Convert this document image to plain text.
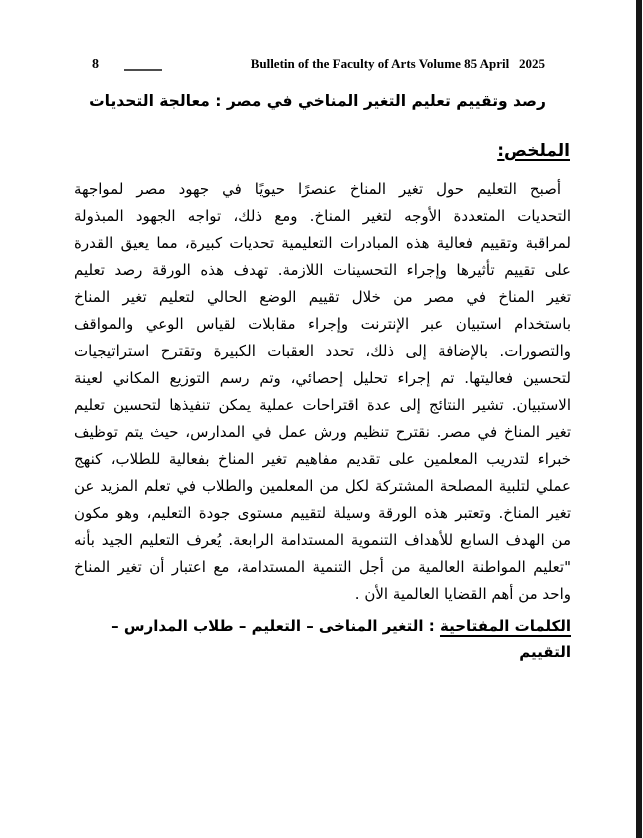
8	Bulletin of the Faculty of Arts Volume 85 April   2025
رصد وتقييم تعليم التغير المناخي في مصر : معالجة التحديات
الملخص:
أصبح التعليم حول تغير المناخ عنصرًا حيويًا في جهود مصر لمواجهة
التحديات المتعددة الأوجه لتغير المناخ. ومع ذلك، تواجه الجهود المبذولة
لمراقبة وتقييم فعالية هذه المبادرات التعليمية تحديات كبيرة، مما يعيق القدرة
على تقييم تأثيرها وإجراء التحسينات اللازمة. تهدف هذه الورقة رصد تعليم
تغير المناخ في مصر من خلال تقييم الوضع الحالي لتعليم تغير المناخ
باستخدام استبيان عبر الإنترنت وإجراء مقابلات لقياس الوعي والمواقف
والتصورات. بالإضافة إلى ذلك، تحدد العقبات الكبيرة وتقترح استراتيجيات
لتحسين فعاليتها. تم إجراء تحليل إحصائي، وتم رسم التوزيع المكاني لعينة
الاستبيان. تشير النتائج إلى عدة اقتراحات عملية يمكن تنفيذها لتحسين تعليم
تغير المناخ في مصر. نقترح تنظيم ورش عمل في المدارس، حيث يتم توظيف
خبراء لتدريب المعلمين على تقديم مفاهيم تغير المناخ بفعالية للطلاب، كنهج
عملي لتلبية المصلحة المشتركة لكل من المعلمين والطلاب في تعلم المزيد عن
تغير المناخ. وتعتبر هذه الورقة وسيلة لتقييم مستوى جودة التعليم، وهو مكون
من الهدف السابع للأهداف التنموية المستدامة الرابعة. يُعرف التعليم الجيد بأنه
"تعليم المواطنة العالمية من أجل التنمية المستدامة، مع اعتبار أن تغير المناخ
واحد من أهم القضايا العالمية الأن .
الكلمات المفتاحية : التغير المناخى – التعليم – طلاب المدارس – التقييم
